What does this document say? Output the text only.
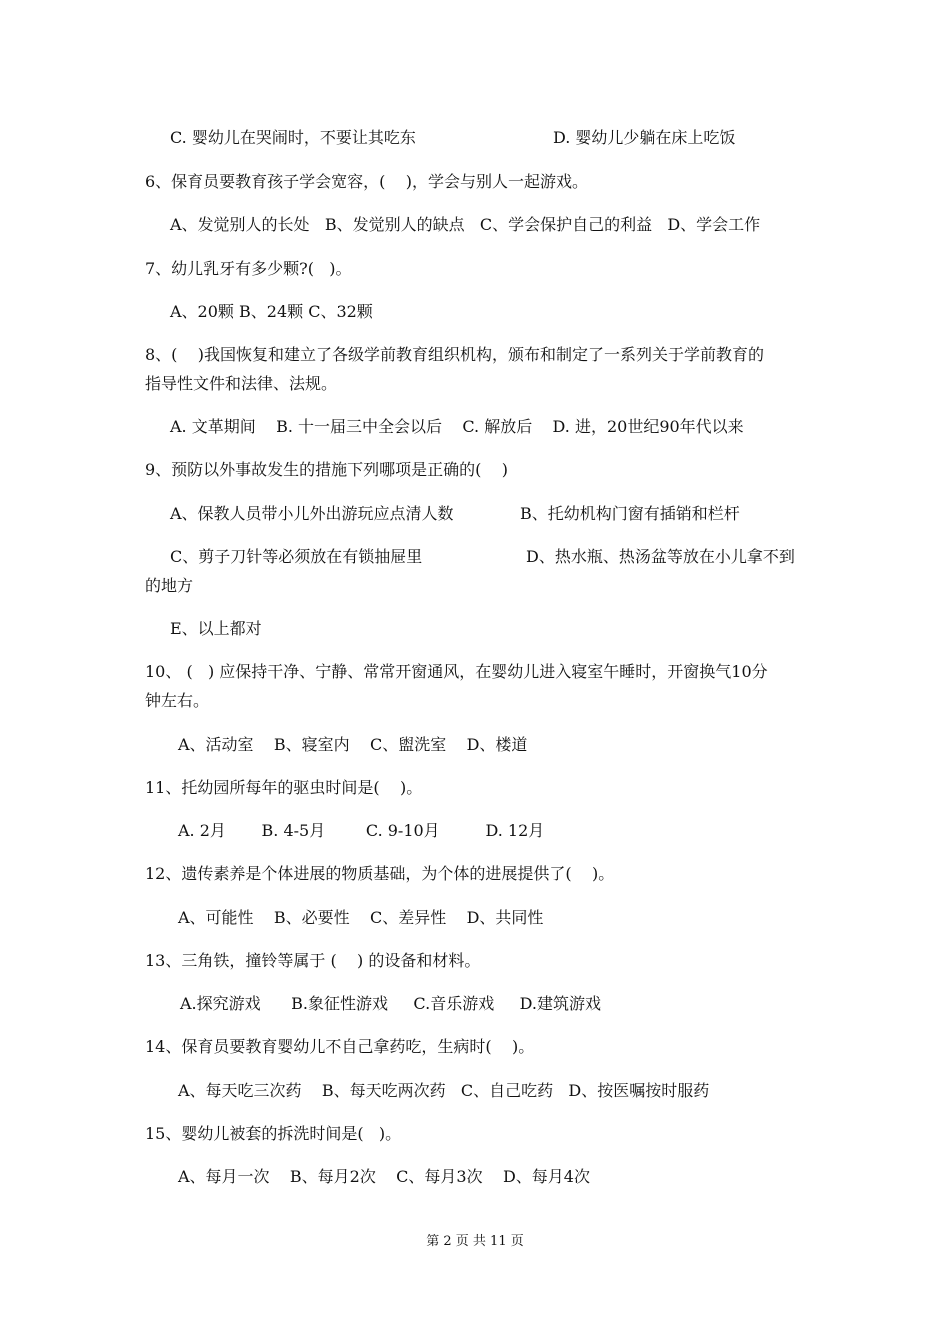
C. 婴幼儿在哭闹时，不要让其吃东	D. 婴幼儿少躺在床上吃饭
6、保育员要教育孩子学会宽容，(    )，学会与别人一起游戏。
A、发觉别人的长处   B、发觉别人的缺点   C、学会保护自己的利益   D、学会工作
7、幼儿乳牙有多少颗?(   )。
A、20颗 B、24颗 C、32颗
8、(    )我国恢复和建立了各级学前教育组织机构，颁布和制定了一系列关于学前教育的
指导性文件和法律、法规。
A. 文革期间    B. 十一届三中全会以后    C. 解放后    D. 进，20世纪90年代以来
9、预防以外事故发生的措施下列哪项是正确的(    )
A、保教人员带小儿外出游玩应点清人数	B、托幼机构门窗有插销和栏杆
C、剪子刀针等必须放在有锁抽屉里	D、热水瓶、热汤盆等放在小儿拿不到
的地方
E、以上都对
10、 (   ) 应保持干净、宁静、常常开窗通风，在婴幼儿进入寝室午睡时，开窗换气10分
钟左右。
A、活动室    B、寝室内    C、盥洗室    D、楼道
11、托幼园所每年的驱虫时间是(    )。
A. 2月       B. 4-5月        C. 9-10月         D. 12月
12、遗传素养是个体进展的物质基础，为个体的进展提供了(    )。
A、可能性    B、必要性    C、差异性    D、共同性
13、三角铁，撞铃等属于 (    ) 的设备和材料。
A.探究游戏      B.象征性游戏     C.音乐游戏     D.建筑游戏
14、保育员要教育婴幼儿不自己拿药吃，生病时(    )。
A、每天吃三次药    B、每天吃两次药   C、自己吃药   D、按医嘱按时服药
15、婴幼儿被套的拆洗时间是(   )。
A、每月一次    B、每月2次    C、每月3次    D、每月4次
第 2 页 共 11 页
